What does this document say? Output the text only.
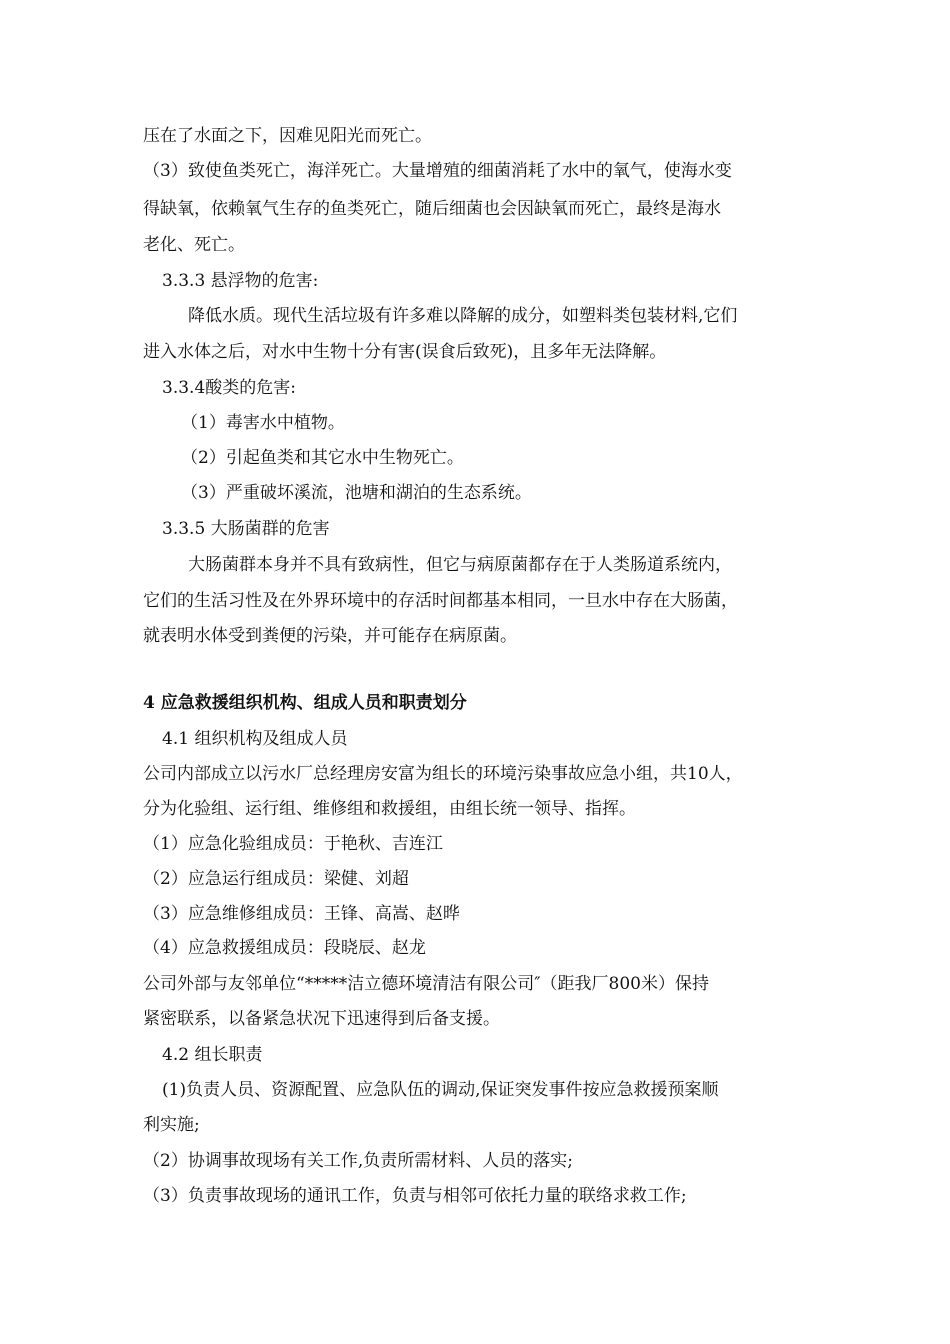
压在了水面之下，因难见阳光而死亡。
（3）致使鱼类死亡，海洋死亡。大量增殖的细菌消耗了水中的氧气，使海水变
得缺氧，依赖氧气生存的鱼类死亡，随后细菌也会因缺氧而死亡，最终是海水
老化、死亡。
3.3.3 悬浮物的危害:
降低水质。现代生活垃圾有许多难以降解的成分，如塑料类包装材料,它们
进入水体之后，对水中生物十分有害(误食后致死)，且多年无法降解。
3.3.4酸类的危害:
（1）毒害水中植物。
（2）引起鱼类和其它水中生物死亡。
（3）严重破坏溪流，池塘和湖泊的生态系统。
3.3.5 大肠菌群的危害
大肠菌群本身并不具有致病性，但它与病原菌都存在于人类肠道系统内，
它们的生活习性及在外界环境中的存活时间都基本相同，一旦水中存在大肠菌，
就表明水体受到粪便的污染，并可能存在病原菌。
4 应急救援组织机构、组成人员和职责划分
4.1 组织机构及组成人员
公司内部成立以污水厂总经理房安富为组长的环境污染事故应急小组，共10人，
分为化验组、运行组、维修组和救援组，由组长统一领导、指挥。
（1）应急化验组成员：于艳秋、吉连江
（2）应急运行组成员：梁健、刘超
（3）应急维修组成员：王锋、高嵩、赵晔
（4）应急救援组成员：段晓辰、赵龙
公司外部与友邻单位“*****洁立德环境清洁有限公司″（距我厂800米）保持
紧密联系，以备紧急状况下迅速得到后备支援。
4.2 组长职责
(1)负责人员、资源配置、应急队伍的调动,保证突发事件按应急救援预案顺
利实施;
（2）协调事故现场有关工作,负责所需材料、人员的落实;
（3）负责事故现场的通讯工作，负责与相邻可依托力量的联络求救工作;
